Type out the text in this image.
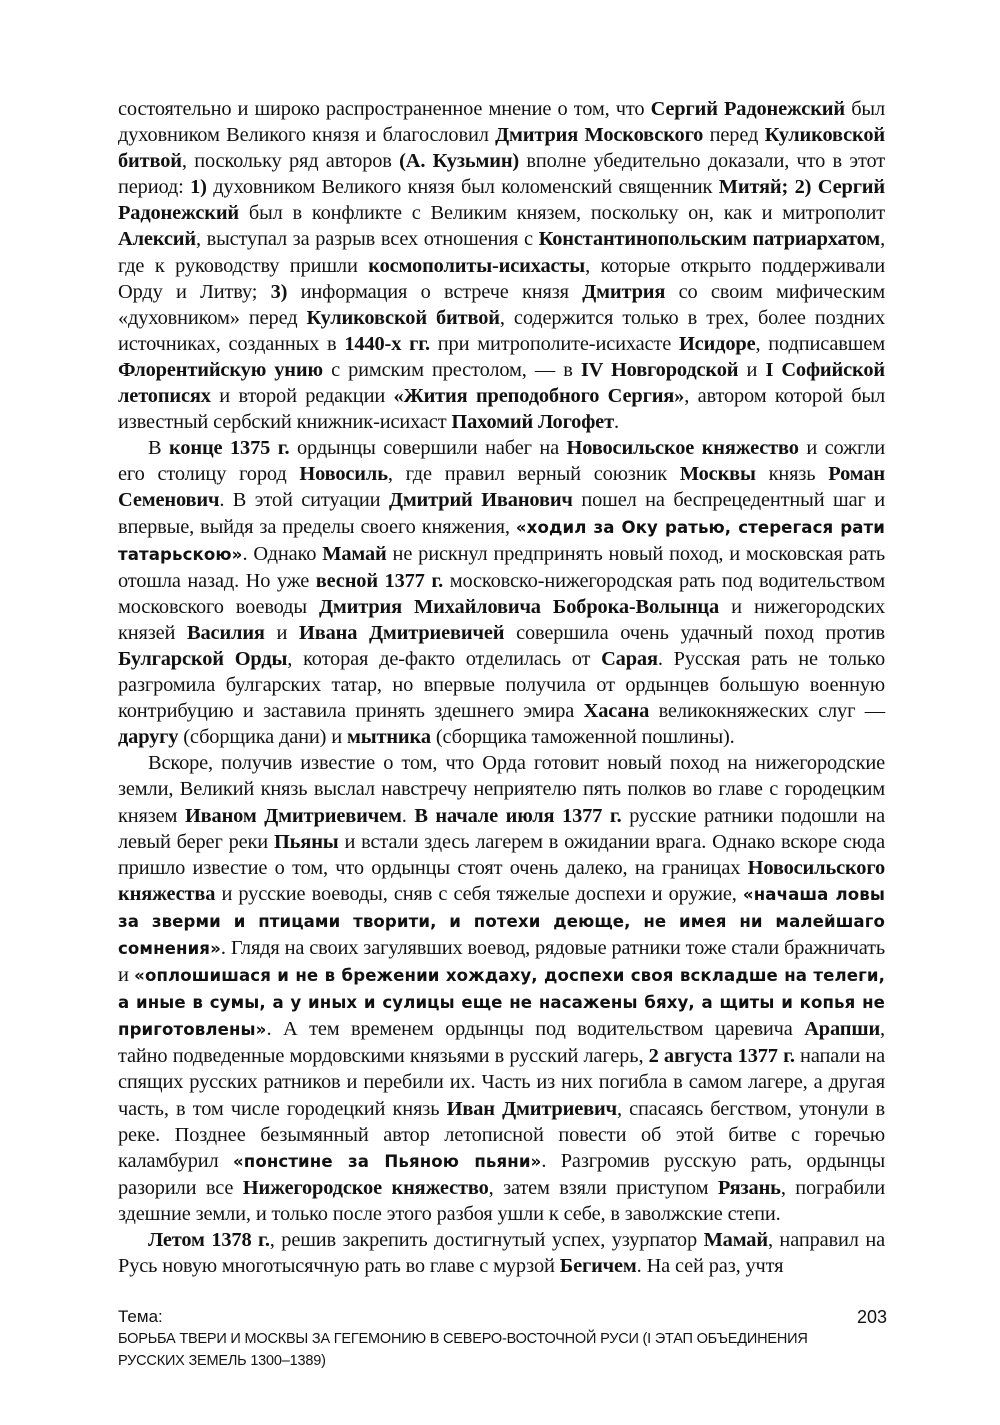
состоятельно и широко распространенное мнение о том, что Сергий Радонежский был духовником Великого князя и благословил Дмитрия Московского перед Куликовской битвой, поскольку ряд авторов (А. Кузьмин) вполне убедительно доказали, что в этот период: 1) духовником Великого князя был коломенский священник Митяй; 2) Сергий Радонежский был в конфликте с Великим князем, поскольку он, как и митрополит Алексий, выступал за разрыв всех отношения с Константинопольским патриархатом, где к руководству пришли космополиты-исихасты, которые открыто поддерживали Орду и Литву; 3) информация о встрече князя Дмитрия со своим мифическим «духовником» перед Куликовской битвой, содержится только в трех, более поздних источниках, созданных в 1440-х гг. при митрополите-исихасте Исидоре, подписавшем Флорентийскую унию с римским престолом, — в IV Новгородской и I Софийской летописях и второй редакции «Жития преподобного Сергия», автором которой был известный сербский книжник-исихаст Пахомий Логофет.

В конце 1375 г. ордынцы совершили набег на Новосильское княжество и сожгли его столицу город Новосиль, где правил верный союзник Москвы князь Роман Семенович. В этой ситуации Дмитрий Иванович пошел на беспрецедентный шаг и впервые, выйдя за пределы своего княжения, «ходил за Оку ратью, стерегася рати татарьскою». Однако Мамай не рискнул предпринять новый поход, и московская рать отошла назад. Но уже весной 1377 г. московско-нижегородская рать под водительством московского воеводы Дмитрия Михайловича Боброка-Волынца и нижегородских князей Василия и Ивана Дмитриевичей совершила очень удачный поход против Булгарской Орды, которая де-факто отделилась от Сарая. Русская рать не только разгромила булгарских татар, но впервые получила от ордынцев большую военную контрибуцию и заставила принять здешнего эмира Хасана великокняжеских слуг — даругу (сборщика дани) и мытника (сборщика таможенной пошлины).

Вскоре, получив известие о том, что Орда готовит новый поход на нижегородские земли, Великий князь выслал навстречу неприятелю пять полков во главе с городецким князем Иваном Дмитриевичем. В начале июля 1377 г. русские ратники подошли на левый берег реки Пьяны и встали здесь лагерем в ожидании врага. Однако вскоре сюда пришло известие о том, что ордынцы стоят очень далеко, на границах Новосильского княжества и русские воеводы, сняв с себя тяжелые доспехи и оружие, «начаша ловы за зверми и птицами творити, и потехи деюще, не имея ни малейшаго сомнения». Глядя на своих загулявших воевод, рядовые ратники тоже стали бражничать и «оплошишася и не в брежении хождаху, доспехи своя вскладше на телеги, а иные в сумы, а у иных и сулицы еще не насажены бяху, а щиты и копья не приготовлены». А тем временем ордынцы под водительством царевича Арапши, тайно подведенные мордовскими князьями в русский лагерь, 2 августа 1377 г. напали на спящих русских ратников и перебили их. Часть из них погибла в самом лагере, а другая часть, в том числе городецкий князь Иван Дмитриевич, спасаясь бегством, утонули в реке. Позднее безымянный автор летописной повести об этой битве с горечью каламбурил «понстине за Пьяною пьяни». Разгромив русскую рать, ордынцы разорили все Нижегородское княжество, затем взяли приступом Рязань, пограбили здешние земли, и только после этого разбоя ушли к себе, в заволжские степи.

Летом 1378 г., решив закрепить достигнутый успех, узурпатор Мамай, направил на Русь новую многотысячную рать во главе с мурзой Бегичем. На сей раз, учтя

Тема:
БОРЬБА ТВЕРИ И МОСКВЫ ЗА ГЕГЕМОНИЮ В СЕВЕРО-ВОСТОЧНОЙ РУСИ (I ЭТАП ОБЪЕДИНЕНИЯ
РУССКИХ ЗЕМЕЛЬ 1300–1389)
203
